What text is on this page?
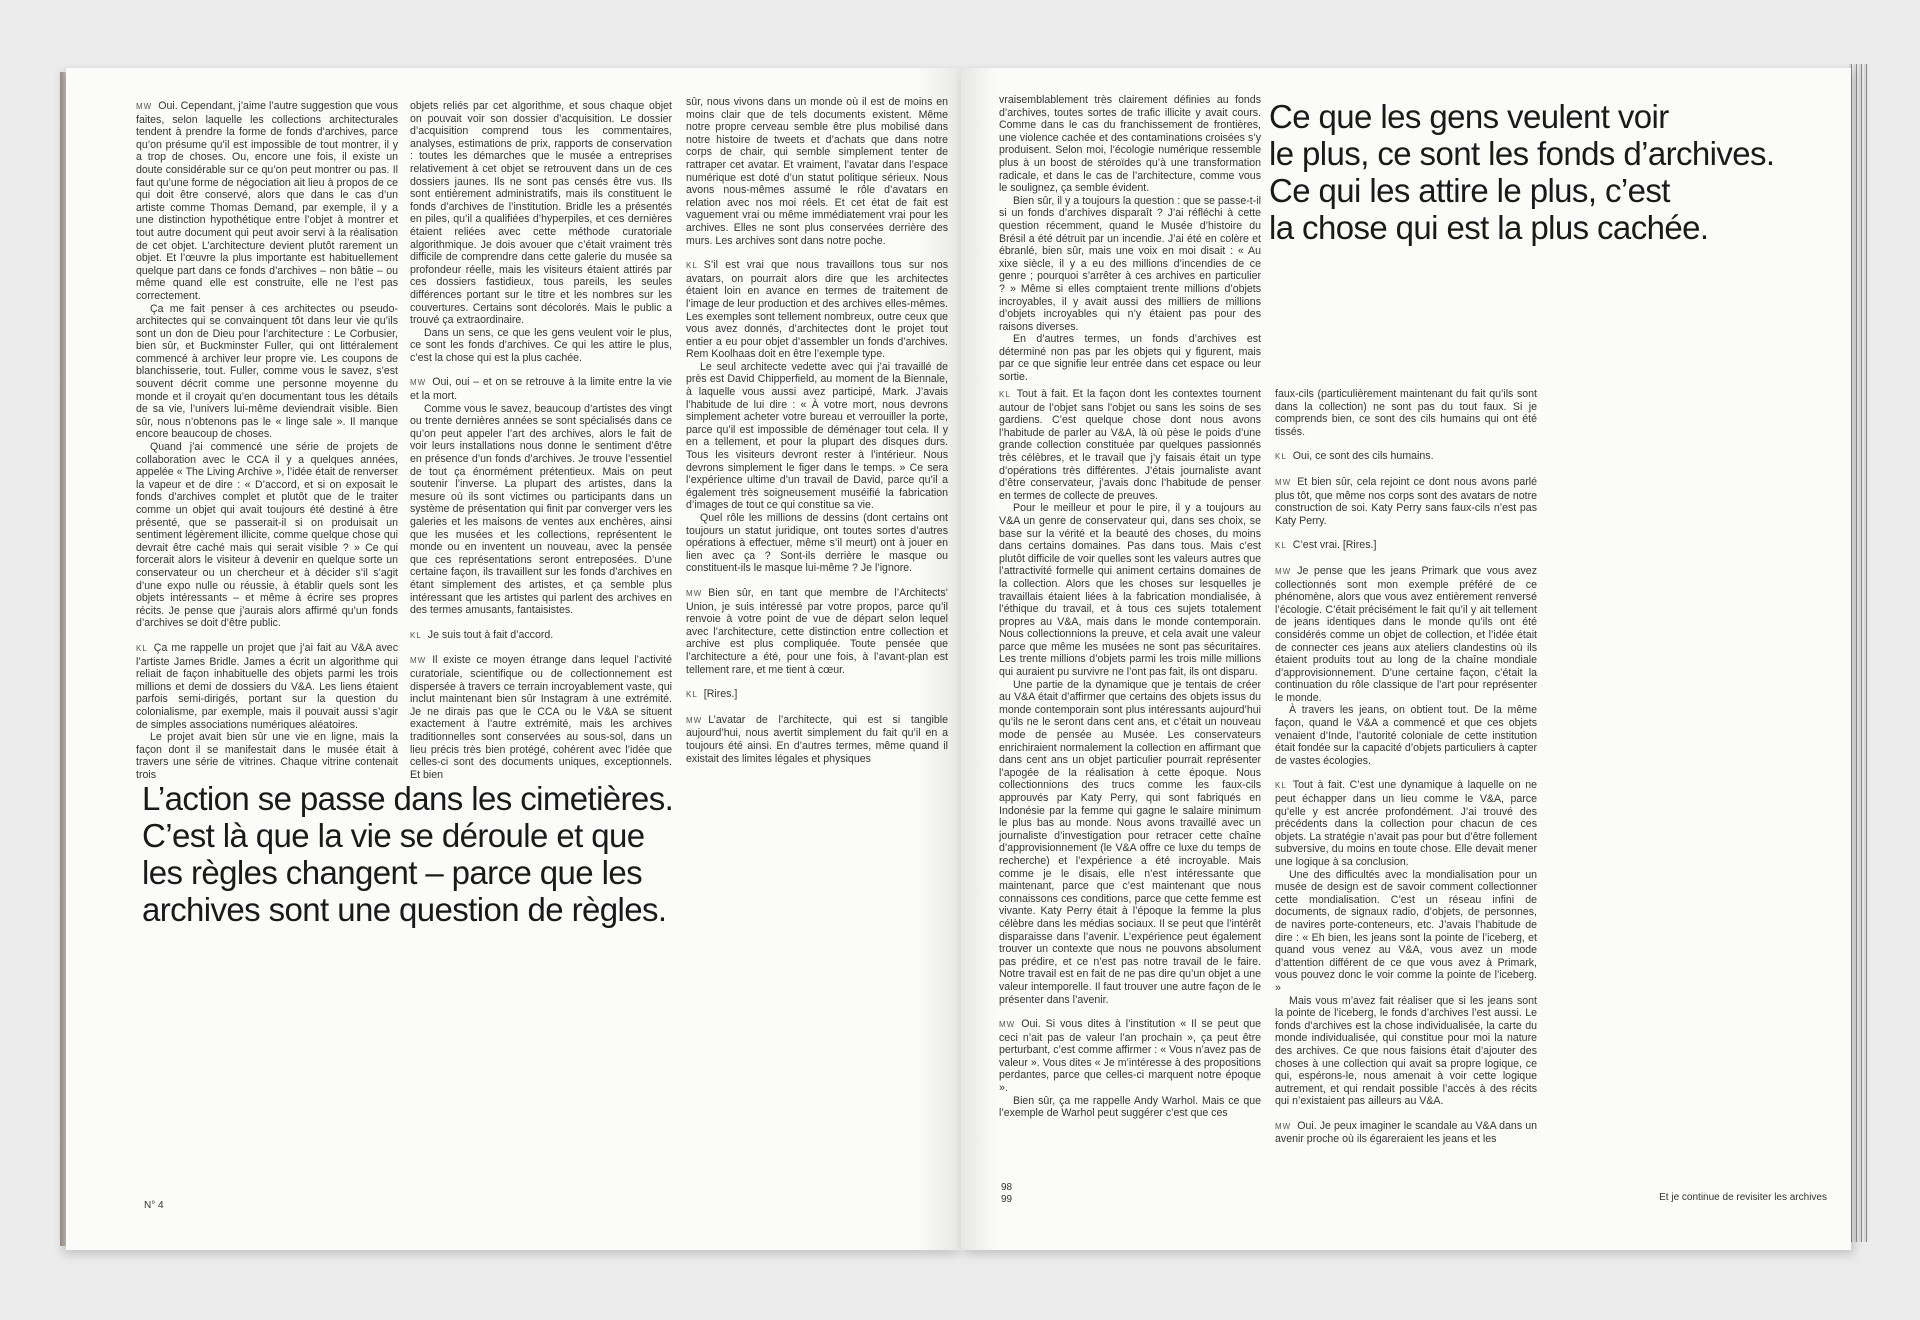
MW Oui. Cependant, j’aime l’autre suggestion que vous faites, selon laquelle les collections architecturales tendent à prendre la forme de fonds d’archives, parce qu’on présume qu’il est impossible de tout montrer, il y a trop de choses. Ou, encore une fois, il existe un doute considérable sur ce qu’on peut montrer ou pas. Il faut qu’une forme de négociation ait lieu à propos de ce qui doit être conservé, alors que dans le cas d’un artiste comme Thomas Demand, par exemple, il y a une distinction hypothétique entre l’objet à montrer et tout autre document qui peut avoir servi à la réalisation de cet objet. L’architecture devient plutôt rarement un objet. Et l’œuvre la plus importante est habituellement quelque part dans ce fonds d’archives – non bâtie – ou même quand elle est construite, elle ne l’est pas correctement.

Ça me fait penser à ces architectes ou pseudo-architectes qui se convainquent tôt dans leur vie qu’ils sont un don de Dieu pour l’architecture : Le Corbusier, bien sûr, et Buckminster Fuller, qui ont littéralement commencé à archiver leur propre vie. Les coupons de blanchisserie, tout. Fuller, comme vous le savez, s’est souvent décrit comme une personne moyenne du monde et il croyait qu’en documentant tous les détails de sa vie, l’univers lui-même deviendrait visible. Bien sûr, nous n’obtenons pas le « linge sale ». Il manque encore beaucoup de choses.

Quand j’ai commencé une série de projets de collaboration avec le CCA il y a quelques années, appelée « The Living Archive », l’idée était de renverser la vapeur et de dire : « D’accord, et si on exposait le fonds d’archives complet et plutôt que de le traiter comme un objet qui avait toujours été destiné à être présenté, que se passerait-il si on produisait un sentiment légèrement illicite, comme quelque chose qui devrait être caché mais qui serait visible ? » Ce qui forcerait alors le visiteur à devenir en quelque sorte un conservateur ou un chercheur et à décider s’il s’agit d’une expo nulle ou réussie, à établir quels sont les objets intéressants – et même à écrire ses propres récits. Je pense que j’aurais alors affirmé qu’un fonds d’archives se doit d’être public.

KL Ça me rappelle un projet que j’ai fait au V&A avec l’artiste James Bridle. James a écrit un algorithme qui reliait de façon inhabituelle des objets parmi les trois millions et demi de dossiers du V&A. Les liens étaient parfois semi-dirigés, portant sur la question du colonialisme, par exemple, mais il pouvait aussi s’agir de simples associations numériques aléatoires.

Le projet avait bien sûr une vie en ligne, mais la façon dont il se manifestait dans le musée était à travers une série de vitrines. Chaque vitrine contenait trois

objets reliés par cet algorithme, et sous chaque objet on pouvait voir son dossier d’acquisition. Le dossier d’acquisition comprend tous les commentaires, analyses, estimations de prix, rapports de conservation : toutes les démarches que le musée a entreprises relativement à cet objet se retrouvent dans un de ces dossiers jaunes. Ils ne sont pas censés être vus. Ils sont entièrement administratifs, mais ils constituent le fonds d’archives de l’institution. Bridle les a présentés en piles, qu’il a qualifiées d’hyperpiles, et ces dernières étaient reliées avec cette méthode curatoriale algorithmique. Je dois avouer que c’était vraiment très difficile de comprendre dans cette galerie du musée sa profondeur réelle, mais les visiteurs étaient attirés par ces dossiers fastidieux, tous pareils, les seules différences portant sur le titre et les nombres sur les couvertures. Certains sont décolorés. Mais le public a trouvé ça extraordinaire.

Dans un sens, ce que les gens veulent voir le plus, ce sont les fonds d’archives. Ce qui les attire le plus, c’est la chose qui est la plus cachée.

MW Oui, oui – et on se retrouve à la limite entre la vie et la mort.

Comme vous le savez, beaucoup d’artistes des vingt ou trente dernières années se sont spécialisés dans ce qu’on peut appeler l’art des archives, alors le fait de voir leurs installations nous donne le sentiment d’être en présence d’un fonds d’archives. Je trouve l’essentiel de tout ça énormément prétentieux. Mais on peut soutenir l’inverse. La plupart des artistes, dans la mesure où ils sont victimes ou participants dans un système de présentation qui finit par converger vers les galeries et les maisons de ventes aux enchères, ainsi que les musées et les collections, représentent le monde ou en inventent un nouveau, avec la pensée que ces représentations seront entreposées. D’une certaine façon, ils travaillent sur les fonds d’archives en étant simplement des artistes, et ça semble plus intéressant que les artistes qui parlent des archives en des termes amusants, fantaisistes.

KL Je suis tout à fait d’accord.

MW Il existe ce moyen étrange dans lequel l’activité curatoriale, scientifique ou de collectionnement est dispersée à travers ce terrain incroyablement vaste, qui inclut maintenant bien sûr Instagram à une extrémité. Je ne dirais pas que le CCA ou le V&A se situent exactement à l’autre extrémité, mais les archives traditionnelles sont conservées au sous-sol, dans un lieu précis très bien protégé, cohérent avec l’idée que celles-ci sont des documents uniques, exceptionnels. Et bien

sûr, nous vivons dans un monde où il est de moins en moins clair que de tels documents existent. Même notre propre cerveau semble être plus mobilisé dans notre histoire de tweets et d’achats que dans notre corps de chair, qui semble simplement tenter de rattraper cet avatar. Et vraiment, l’avatar dans l’espace numérique est doté d’un statut politique sérieux. Nous avons nous-mêmes assumé le rôle d’avatars en relation avec nos moi réels. Et cet état de fait est vaguement vrai ou même immédiatement vrai pour les archives. Elles ne sont plus conservées derrière des murs. Les archives sont dans notre poche.

KL S’il est vrai que nous travaillons tous sur nos avatars, on pourrait alors dire que les architectes étaient loin en avance en termes de traitement de l’image de leur production et des archives elles-mêmes. Les exemples sont tellement nombreux, outre ceux que vous avez donnés, d’architectes dont le projet tout entier a eu pour objet d’assembler un fonds d’archives. Rem Koolhaas doit en être l’exemple type.

Le seul architecte vedette avec qui j’ai travaillé de près est David Chipperfield, au moment de la Biennale, à laquelle vous aussi avez participé, Mark. J’avais l’habitude de lui dire : « À votre mort, nous devrons simplement acheter votre bureau et verrouiller la porte, parce qu’il est impossible de déménager tout cela. Il y en a tellement, et pour la plupart des disques durs. Tous les visiteurs devront rester à l’intérieur. Nous devrons simplement le figer dans le temps. » Ce sera l’expérience ultime d’un travail de David, parce qu’il a également très soigneusement muséifié la fabrication d’images de tout ce qui constitue sa vie.

Quel rôle les millions de dessins (dont certains ont toujours un statut juridique, ont toutes sortes d’autres opérations à effectuer, même s’il meurt) ont à jouer en lien avec ça ? Sont-ils derrière le masque ou constituent-ils le masque lui-même ? Je l’ignore.

MW Bien sûr, en tant que membre de l’Architects’ Union, je suis intéressé par votre propos, parce qu’il renvoie à votre point de vue de départ selon lequel avec l’architecture, cette distinction entre collection et archive est plus compliquée. Toute pensée que l’architecture a été, pour une fois, à l’avant-plan est tellement rare, et me tient à cœur.

KL [Rires.]

MW L’avatar de l’architecte, qui est si tangible aujourd’hui, nous avertit simplement du fait qu’il en a toujours été ainsi. En d’autres termes, même quand il existait des limites légales et physiques

L’action se passe dans les cimetières.
C’est là que la vie se déroule et que
les règles changent – parce que les
archives sont une question de règles.
N° 4

vraisemblablement très clairement définies au fonds d’archives, toutes sortes de trafic illicite y avait cours. Comme dans le cas du franchissement de frontières, une violence cachée et des contaminations croisées s’y produisent. Selon moi, l’écologie numérique ressemble plus à un boost de stéroïdes qu’à une transformation radicale, et dans le cas de l’architecture, comme vous le soulignez, ça semble évident.

Bien sûr, il y a toujours la question : que se passe-t-il si un fonds d’archives disparaît ? J’ai réfléchi à cette question récemment, quand le Musée d’histoire du Brésil a été détruit par un incendie. J’ai été en colère et ébranlé, bien sûr, mais une voix en moi disait : « Au xixe siècle, il y a eu des millions d’incendies de ce genre ; pourquoi s’arrêter à ces archives en particulier ? » Même si elles comptaient trente millions d’objets incroyables, il y avait aussi des milliers de millions d’objets incroyables qui n’y étaient pas pour des raisons diverses.

En d’autres termes, un fonds d’archives est déterminé non pas par les objets qui y figurent, mais par ce que signifie leur entrée dans cet espace ou leur sortie.

Ce que les gens veulent voir
le plus, ce sont les fonds d’archives.
Ce qui les attire le plus, c’est
la chose qui est la plus cachée.

KL Tout à fait. Et la façon dont les contextes tournent autour de l’objet sans l’objet ou sans les soins de ses gardiens. C’est quelque chose dont nous avons l’habitude de parler au V&A, là où pèse le poids d’une grande collection constituée par quelques passionnés très célèbres, et le travail que j’y faisais était un type d’opérations très différentes. J’étais journaliste avant d’être conservateur, j’avais donc l’habitude de penser en termes de collecte de preuves.

Pour le meilleur et pour le pire, il y a toujours au V&A un genre de conservateur qui, dans ses choix, se base sur la vérité et la beauté des choses, du moins dans certains domaines. Pas dans tous. Mais c’est plutôt difficile de voir quelles sont les valeurs autres que l’attractivité formelle qui animent certains domaines de la collection. Alors que les choses sur lesquelles je travaillais étaient liées à la fabrication mondialisée, à l’éthique du travail, et à tous ces sujets totalement propres au V&A, mais dans le monde contemporain. Nous collectionnions la preuve, et cela avait une valeur parce que même les musées ne sont pas sécuritaires. Les trente millions d’objets parmi les trois mille millions qui auraient pu survivre ne l’ont pas fait, ils ont disparu.

Une partie de la dynamique que je tentais de créer au V&A était d’affirmer que certains des objets issus du monde contemporain sont plus intéressants aujourd’hui qu’ils ne le seront dans cent ans, et c’était un nouveau mode de pensée au Musée. Les conservateurs enrichiraient normalement la collection en affirmant que dans cent ans un objet particulier pourrait représenter l’apogée de la réalisation à cette époque. Nous collectionnions des trucs comme les faux-cils approuvés par Katy Perry, qui sont fabriqués en Indonésie par la femme qui gagne le salaire minimum le plus bas au monde. Nous avons travaillé avec un journaliste d’investigation pour retracer cette chaîne d’approvisionnement (le V&A offre ce luxe du temps de recherche) et l’expérience a été incroyable. Mais comme je le disais, elle n’est intéressante que maintenant, parce que c’est maintenant que nous connaissons ces conditions, parce que cette femme est vivante. Katy Perry était à l’époque la femme la plus célèbre dans les médias sociaux. Il se peut que l’intérêt disparaisse dans l’avenir. L’expérience peut également trouver un contexte que nous ne pouvons absolument pas prédire, et ce n’est pas notre travail de le faire. Notre travail est en fait de ne pas dire qu’un objet a une valeur intemporelle. Il faut trouver une autre façon de le présenter dans l’avenir.

MW Oui. Si vous dites à l’institution « Il se peut que ceci n’ait pas de valeur l’an prochain », ça peut être perturbant, c’est comme affirmer : « Vous n’avez pas de valeur ». Vous dites « Je m’intéresse à des propositions perdantes, parce que celles-ci marquent notre époque ».

Bien sûr, ça me rappelle Andy Warhol. Mais ce que l’exemple de Warhol peut suggérer c’est que ces

faux-cils (particulièrement maintenant du fait qu’ils sont dans la collection) ne sont pas du tout faux. Si je comprends bien, ce sont des cils humains qui ont été tissés.

KL Oui, ce sont des cils humains.

MW Et bien sûr, cela rejoint ce dont nous avons parlé plus tôt, que même nos corps sont des avatars de notre construction de soi. Katy Perry sans faux-cils n’est pas Katy Perry.

KL C’est vrai. [Rires.]

MW Je pense que les jeans Primark que vous avez collectionnés sont mon exemple préféré de ce phénomène, alors que vous avez entièrement renversé l’écologie. C’était précisément le fait qu’il y ait tellement de jeans identiques dans le monde qu’ils ont été considérés comme un objet de collection, et l’idée était de connecter ces jeans aux ateliers clandestins où ils étaient produits tout au long de la chaîne mondiale d’approvisionnement. D’une certaine façon, c’était la continuation du rôle classique de l’art pour représenter le monde.

À travers les jeans, on obtient tout. De la même façon, quand le V&A a commencé et que ces objets venaient d’Inde, l’autorité coloniale de cette institution était fondée sur la capacité d’objets particuliers à capter de vastes écologies.

KL Tout à fait. C’est une dynamique à laquelle on ne peut échapper dans un lieu comme le V&A, parce qu’elle y est ancrée profondément. J’ai trouvé des précédents dans la collection pour chacun de ces objets. La stratégie n’avait pas pour but d’être follement subversive, du moins en toute chose. Elle devait mener une logique à sa conclusion.

Une des difficultés avec la mondialisation pour un musée de design est de savoir comment collectionner cette mondialisation. C’est un réseau infini de documents, de signaux radio, d’objets, de personnes, de navires porte-conteneurs, etc. J’avais l’habitude de dire : « Eh bien, les jeans sont la pointe de l’iceberg, et quand vous venez au V&A, vous avez un mode d’attention différent de ce que vous avez à Primark, vous pouvez donc le voir comme la pointe de l’iceberg. »

Mais vous m’avez fait réaliser que si les jeans sont la pointe de l’iceberg, le fonds d’archives l’est aussi. Le fonds d’archives est la chose individualisée, la carte du monde individualisée, qui constitue pour moi la nature des archives. Ce que nous faisions était d’ajouter des choses à une collection qui avait sa propre logique, ce qui, espérons-le, nous amenait à voir cette logique autrement, et qui rendait possible l’accès à des récits qui n’existaient pas ailleurs au V&A.

MW Oui. Je peux imaginer le scandale au V&A dans un avenir proche où ils égareraient les jeans et les

98
99	Et je continue de revisiter les archives
